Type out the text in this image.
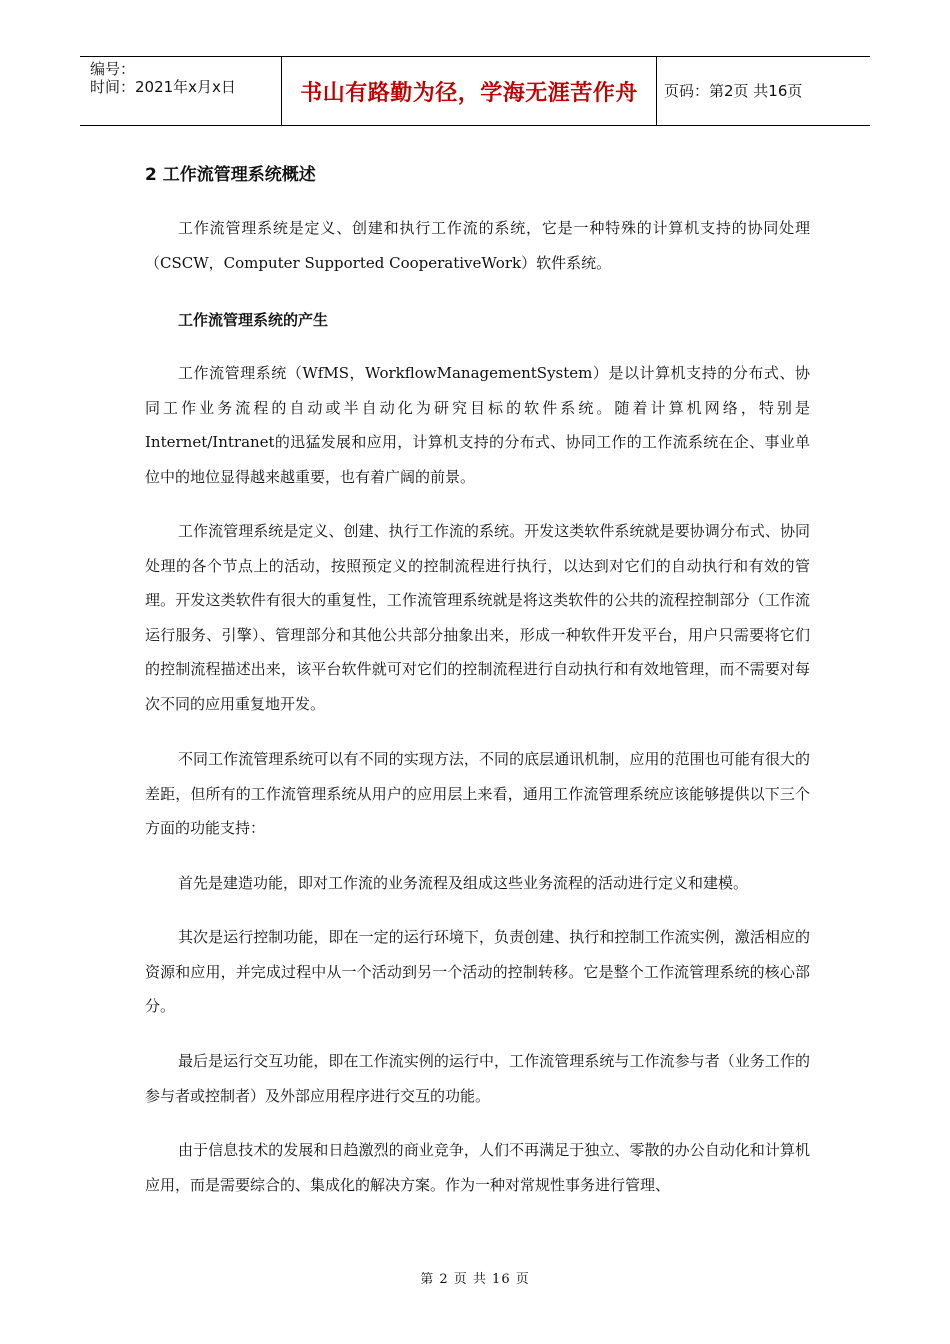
编号：
时间：2021年x月x日	书山有路勤为径，学海无涯苦作舟 页码：第2页 共16页
2 工作流管理系统概述

工作流管理系统是定义、创建和执行工作流的系统，它是一种特殊的计算机支持的协同处理（CSCW，Computer Supported CooperativeWork）软件系统。

工作流管理系统的产生

工作流管理系统（WfMS，WorkflowManagementSystem）是以计算机支持的分布式、协同工作业务流程的自动或半自动化为研究目标的软件系统。随着计算机网络，特别是Internet/Intranet的迅猛发展和应用，计算机支持的分布式、协同工作的工作流系统在企、事业单位中的地位显得越来越重要，也有着广阔的前景。

工作流管理系统是定义、创建、执行工作流的系统。开发这类软件系统就是要协调分布式、协同处理的各个节点上的活动，按照预定义的控制流程进行执行，以达到对它们的自动执行和有效的管理。开发这类软件有很大的重复性，工作流管理系统就是将这类软件的公共的流程控制部分（工作流运行服务、引擎）、管理部分和其他公共部分抽象出来，形成一种软件开发平台，用户只需要将它们的控制流程描述出来，该平台软件就可对它们的控制流程进行自动执行和有效地管理，而不需要对每次不同的应用重复地开发。

不同工作流管理系统可以有不同的实现方法，不同的底层通讯机制，应用的范围也可能有很大的差距，但所有的工作流管理系统从用户的应用层上来看，通用工作流管理系统应该能够提供以下三个方面的功能支持：

首先是建造功能，即对工作流的业务流程及组成这些业务流程的活动进行定义和建模。

其次是运行控制功能，即在一定的运行环境下，负责创建、执行和控制工作流实例，激活相应的资源和应用，并完成过程中从一个活动到另一个活动的控制转移。它是整个工作流管理系统的核心部分。

最后是运行交互功能，即在工作流实例的运行中，工作流管理系统与工作流参与者（业务工作的参与者或控制者）及外部应用程序进行交互的功能。

由于信息技术的发展和日趋激烈的商业竞争，人们不再满足于独立、零散的办公自动化和计算机应用，而是需要综合的、集成化的解决方案。作为一种对常规性事务进行管理、

第 2 页 共 16 页
